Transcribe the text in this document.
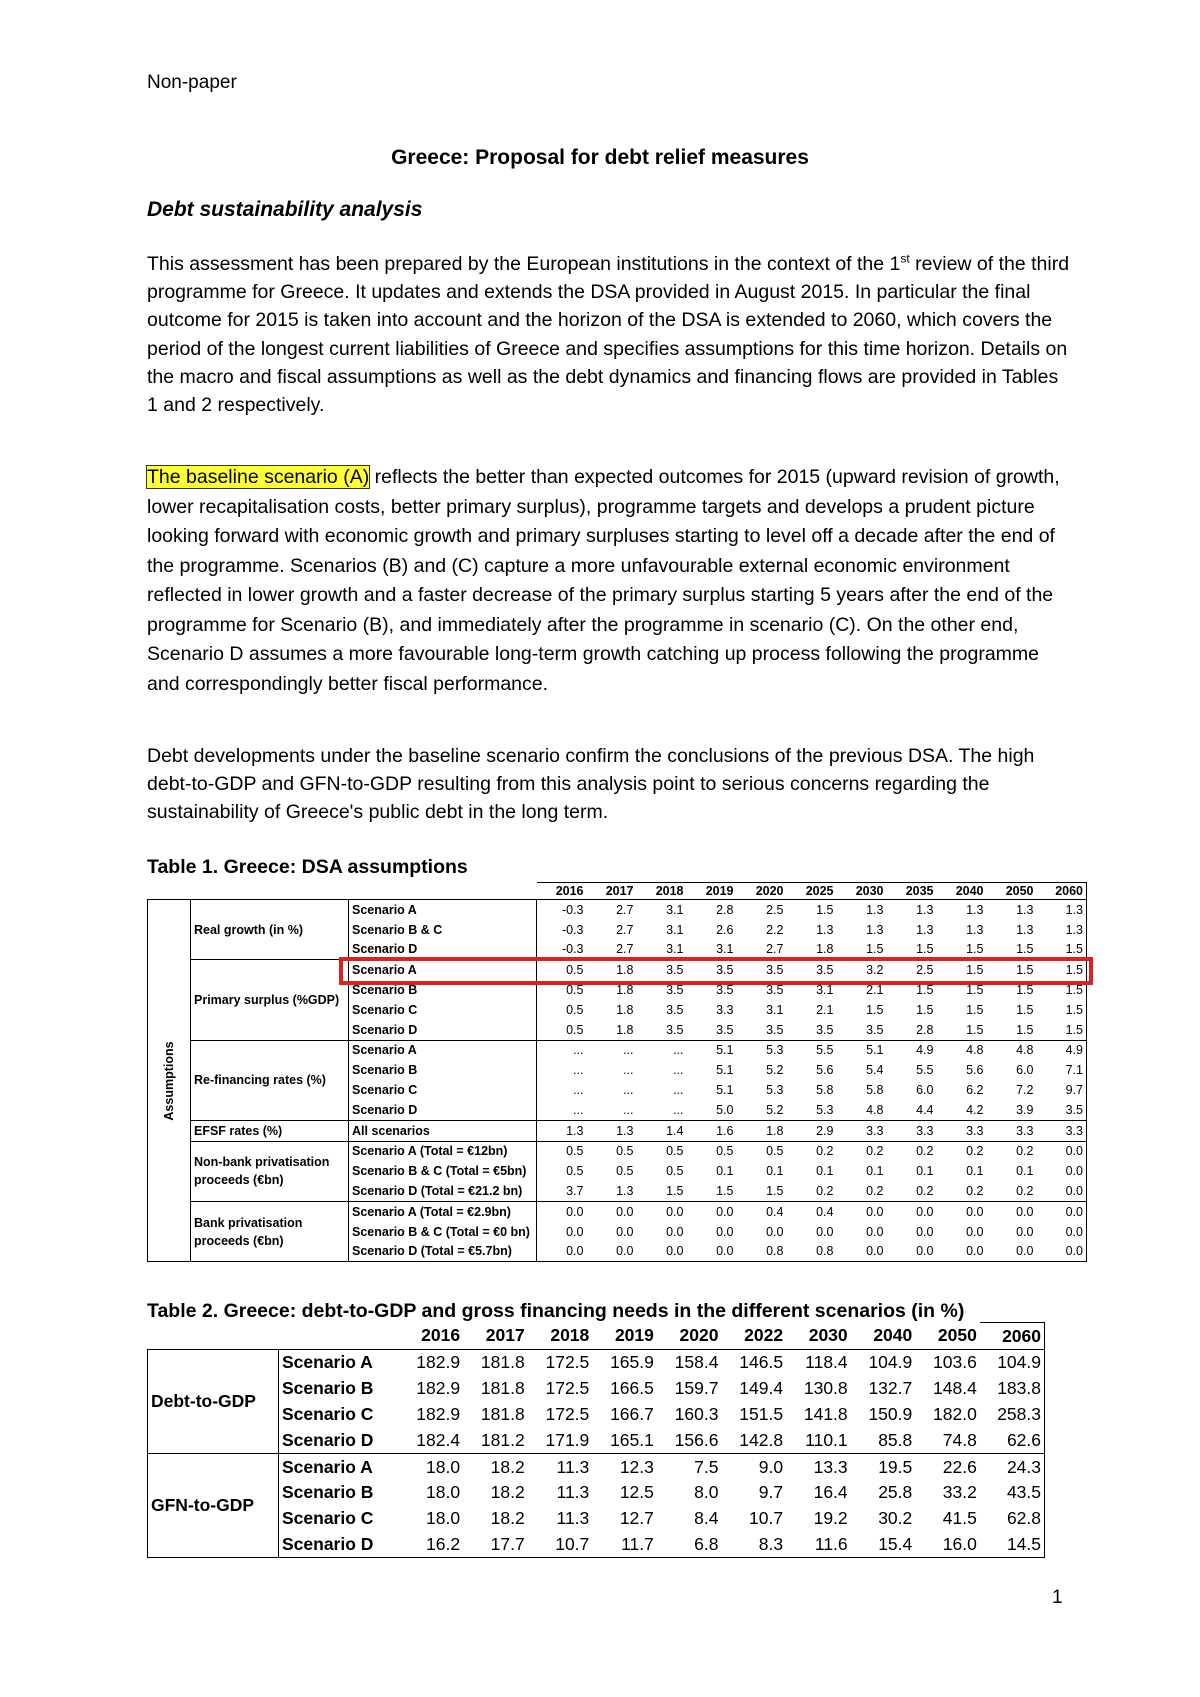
Non-paper
Greece: Proposal for debt relief measures
Debt sustainability analysis
This assessment has been prepared by the European institutions in the context of the 1st review of the third programme for Greece. It updates and extends the DSA provided in August 2015. In particular the final outcome for 2015 is taken into account and the horizon of the DSA is extended to 2060, which covers the period of the longest current liabilities of Greece and specifies assumptions for this time horizon. Details on the macro and fiscal assumptions as well as the debt dynamics and financing flows are provided in Tables 1 and 2 respectively.
The baseline scenario (A) reflects the better than expected outcomes for 2015 (upward revision of growth, lower recapitalisation costs, better primary surplus), programme targets and develops a prudent picture looking forward with economic growth and primary surpluses starting to level off a decade after the end of the programme. Scenarios (B) and (C) capture a more unfavourable external economic environment reflected in lower growth and a faster decrease of the primary surplus starting 5 years after the end of the programme for Scenario (B), and immediately after the programme in scenario (C). On the other end, Scenario D assumes a more favourable long-term growth catching up process following the programme and correspondingly better fiscal performance.
Debt developments under the baseline scenario confirm the conclusions of the previous DSA. The high debt-to-GDP and GFN-to-GDP resulting from this analysis point to serious concerns regarding the sustainability of Greece's public debt in the long term.
Table 1. Greece: DSA assumptions
			2016	2017	2018	2019	2020	2025	2030	2035	2040	2050	2060

Assumptions	Real growth (in %)	Scenario A	-0.3	2.7	3.1	2.8	2.5	1.5	1.3	1.3	1.3	1.3	1.3
		Scenario B & C	-0.3	2.7	3.1	2.6	2.2	1.3	1.3	1.3	1.3	1.3	1.3
		Scenario D	-0.3	2.7	3.1	3.1	2.7	1.8	1.5	1.5	1.5	1.5	1.5
	Primary surplus (%GDP)	Scenario A	0.5	1.8	3.5	3.5	3.5	3.5	3.2	2.5	1.5	1.5	1.5
		Scenario B	0.5	1.8	3.5	3.5	3.5	3.1	2.1	1.5	1.5	1.5	1.5
		Scenario C	0.5	1.8	3.5	3.3	3.1	2.1	1.5	1.5	1.5	1.5	1.5
		Scenario D	0.5	1.8	3.5	3.5	3.5	3.5	3.5	2.8	1.5	1.5	1.5
	Re-financing rates (%)	Scenario A	...	...	...	5.1	5.3	5.5	5.1	4.9	4.8	4.8	4.9
		Scenario B	...	...	...	5.1	5.2	5.6	5.4	5.5	5.6	6.0	7.1
		Scenario C	...	...	...	5.1	5.3	5.8	5.8	6.0	6.2	7.2	9.7
		Scenario D	...	...	...	5.0	5.2	5.3	4.8	4.4	4.2	3.9	3.5
	EFSF rates (%)	All scenarios	1.3	1.3	1.4	1.6	1.8	2.9	3.3	3.3	3.3	3.3	3.3
	Non-bank privatisation proceeds (€bn)	Scenario A (Total = €12bn)	0.5	0.5	0.5	0.5	0.5	0.2	0.2	0.2	0.2	0.2	0.0
		Scenario B & C (Total = €5bn)	0.5	0.5	0.5	0.1	0.1	0.1	0.1	0.1	0.1	0.1	0.0
		Scenario D (Total = €21.2 bn)	3.7	1.3	1.5	1.5	1.5	0.2	0.2	0.2	0.2	0.2	0.0
	Bank privatisation proceeds (€bn)	Scenario A (Total = €2.9bn)	0.0	0.0	0.0	0.0	0.4	0.4	0.0	0.0	0.0	0.0	0.0
		Scenario B & C (Total = €0 bn)	0.0	0.0	0.0	0.0	0.0	0.0	0.0	0.0	0.0	0.0	0.0
		Scenario D (Total = €5.7bn)	0.0	0.0	0.0	0.0	0.8	0.8	0.0	0.0	0.0	0.0	0.0
Table 2. Greece: debt-to-GDP and gross financing needs in the different scenarios (in %)
		2016	2017	2018	2019	2020	2022	2030	2040	2050	2060
Debt-to-GDP	Scenario A	182.9	181.8	172.5	165.9	158.4	146.5	118.4	104.9	103.6	104.9
	Scenario B	182.9	181.8	172.5	166.5	159.7	149.4	130.8	132.7	148.4	183.8
	Scenario C	182.9	181.8	172.5	166.7	160.3	151.5	141.8	150.9	182.0	258.3
	Scenario D	182.4	181.2	171.9	165.1	156.6	142.8	110.1	85.8	74.8	62.6
GFN-to-GDP	Scenario A	18.0	18.2	11.3	12.3	7.5	9.0	13.3	19.5	22.6	24.3
	Scenario B	18.0	18.2	11.3	12.5	8.0	9.7	16.4	25.8	33.2	43.5
	Scenario C	18.0	18.2	11.3	12.7	8.4	10.7	19.2	30.2	41.5	62.8
	Scenario D	16.2	17.7	10.7	11.7	6.8	8.3	11.6	15.4	16.0	14.5
1
